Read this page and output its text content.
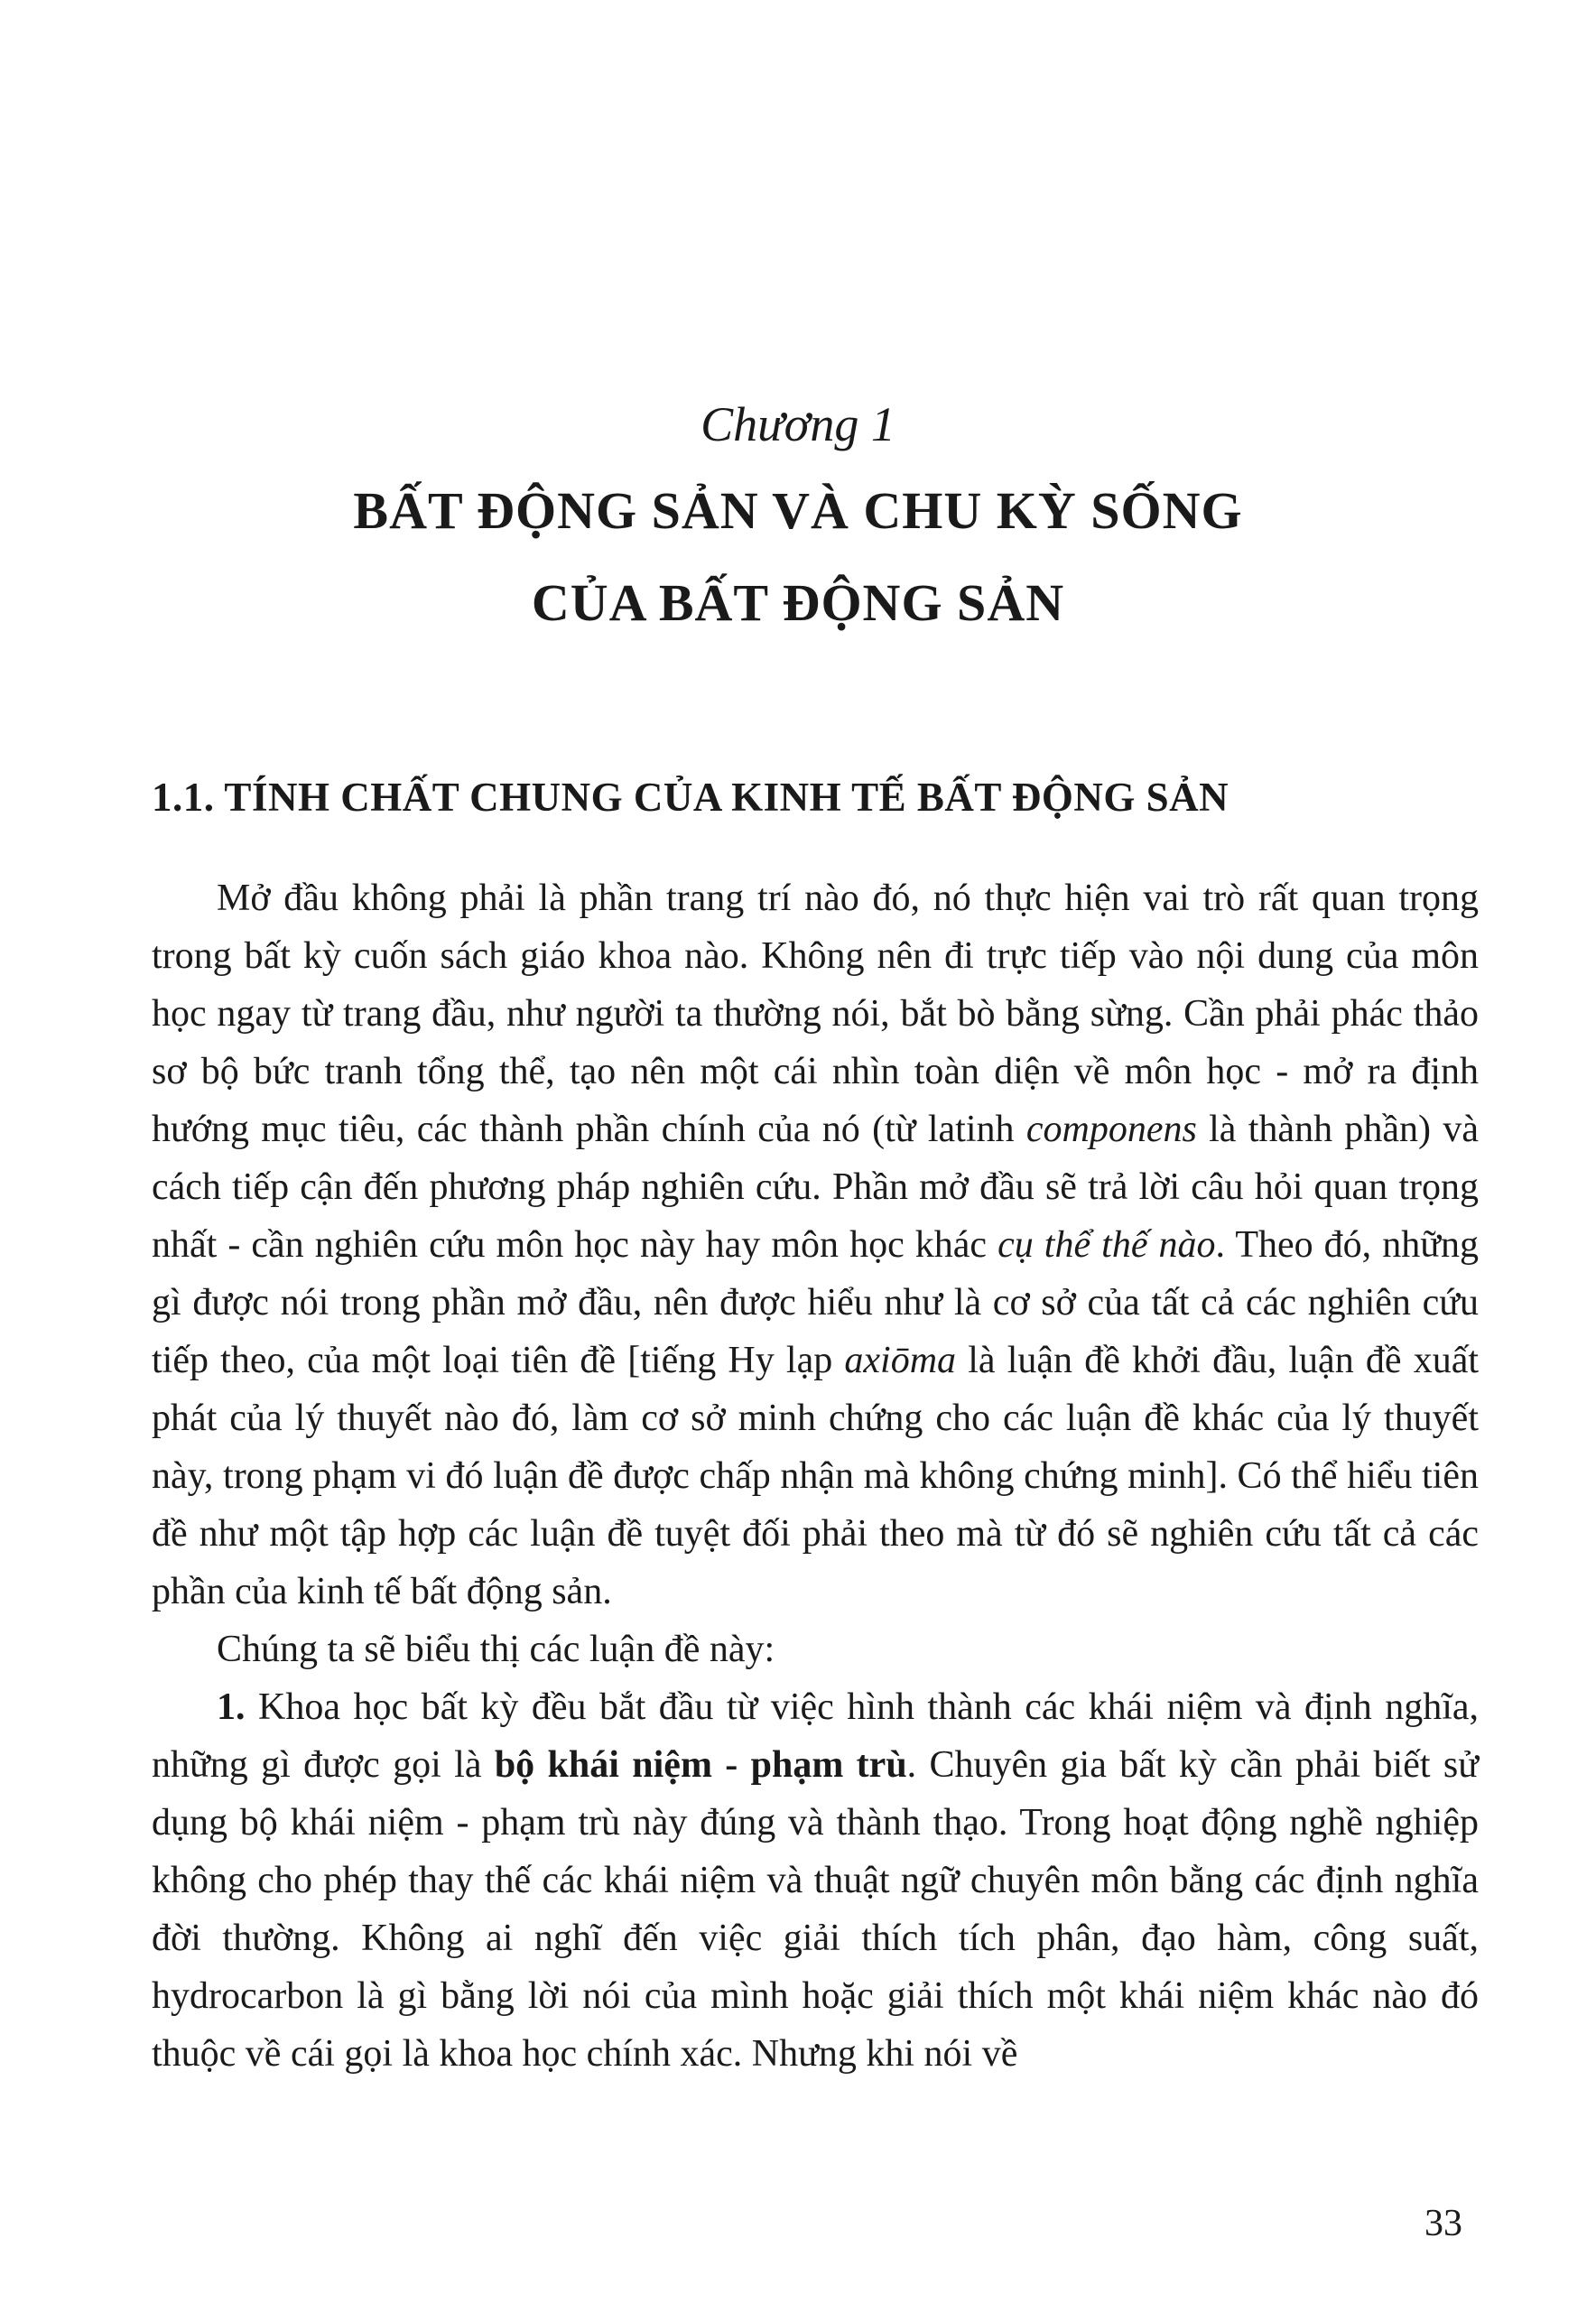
Chương 1
BẤT ĐỘNG SẢN VÀ CHU KỲ SỐNG
CỦA BẤT ĐỘNG SẢN
1.1. TÍNH CHẤT CHUNG CỦA KINH TẾ BẤT ĐỘNG SẢN

Mở đầu không phải là phần trang trí nào đó, nó thực hiện vai trò rất quan trọng trong bất kỳ cuốn sách giáo khoa nào. Không nên đi trực tiếp vào nội dung của môn học ngay từ trang đầu, như người ta thường nói, bắt bò bằng sừng. Cần phải phác thảo sơ bộ bức tranh tổng thể, tạo nên một cái nhìn toàn diện về môn học - mở ra định hướng mục tiêu, các thành phần chính của nó (từ latinh componens là thành phần) và cách tiếp cận đến phương pháp nghiên cứu. Phần mở đầu sẽ trả lời câu hỏi quan trọng nhất - cần nghiên cứu môn học này hay môn học khác cụ thể thế nào. Theo đó, những gì được nói trong phần mở đầu, nên được hiểu như là cơ sở của tất cả các nghiên cứu tiếp theo, của một loại tiên đề [tiếng Hy lạp axiōma là luận đề khởi đầu, luận đề xuất phát của lý thuyết nào đó, làm cơ sở minh chứng cho các luận đề khác của lý thuyết này, trong phạm vi đó luận đề được chấp nhận mà không chứng minh]. Có thể hiểu tiên đề như một tập hợp các luận đề tuyệt đối phải theo mà từ đó sẽ nghiên cứu tất cả các phần của kinh tế bất động sản.

Chúng ta sẽ biểu thị các luận đề này:

1. Khoa học bất kỳ đều bắt đầu từ việc hình thành các khái niệm và định nghĩa, những gì được gọi là bộ khái niệm - phạm trù. Chuyên gia bất kỳ cần phải biết sử dụng bộ khái niệm - phạm trù này đúng và thành thạo. Trong hoạt động nghề nghiệp không cho phép thay thế các khái niệm và thuật ngữ chuyên môn bằng các định nghĩa đời thường. Không ai nghĩ đến việc giải thích tích phân, đạo hàm, công suất, hydrocarbon là gì bằng lời nói của mình hoặc giải thích một khái niệm khác nào đó thuộc về cái gọi là khoa học chính xác. Nhưng khi nói về

33
